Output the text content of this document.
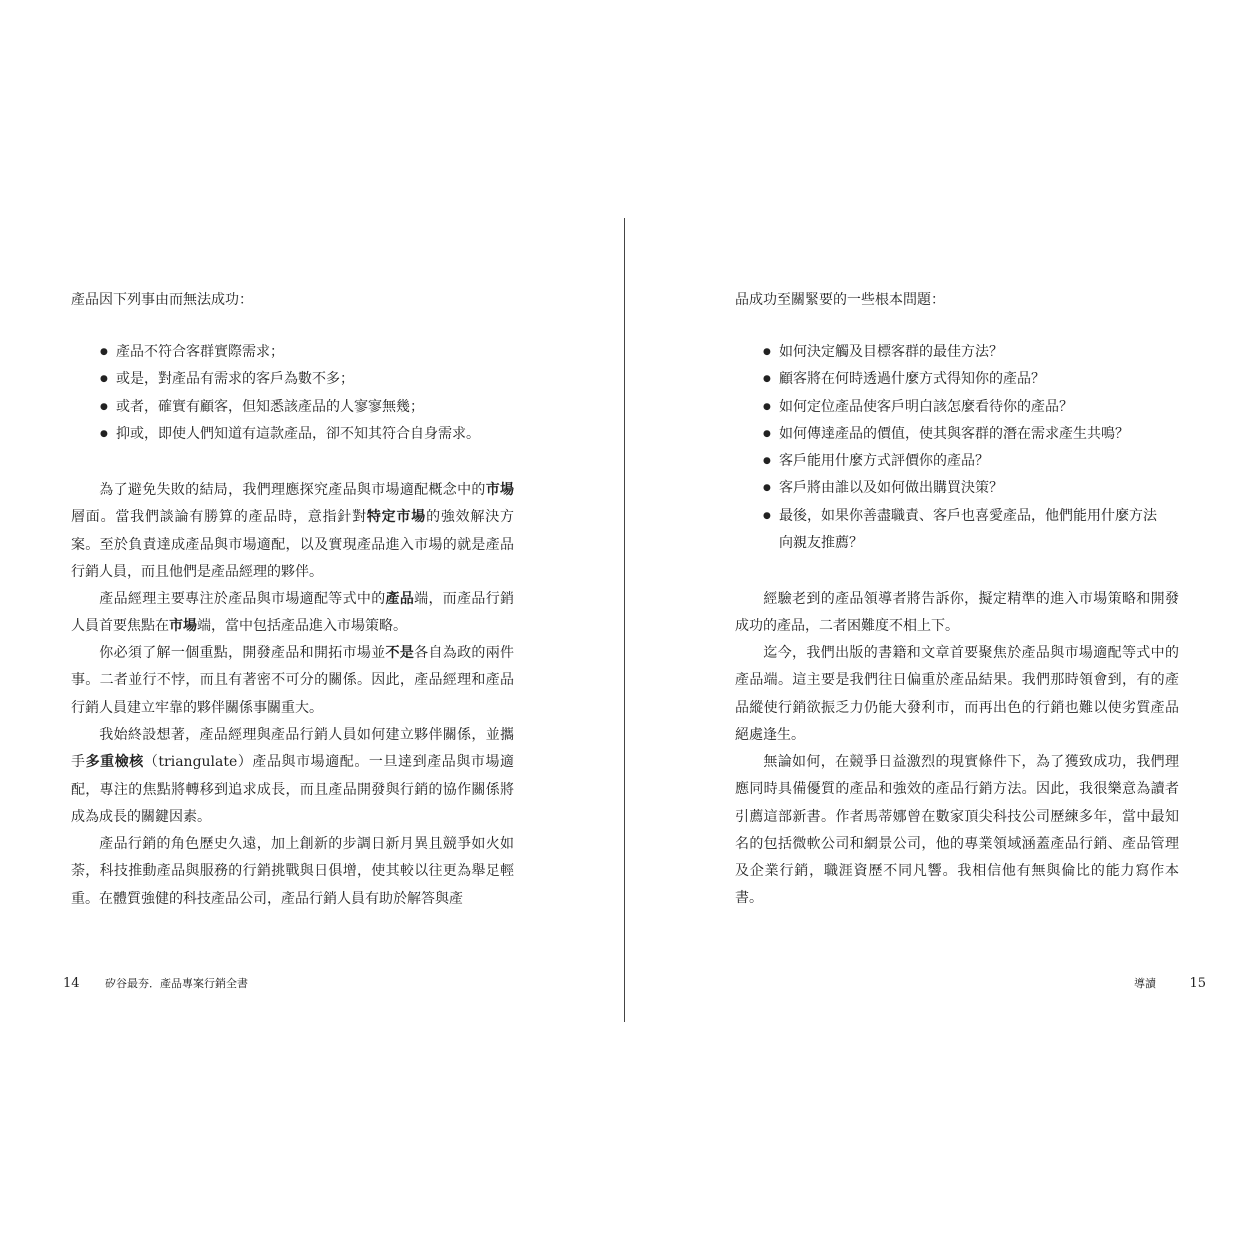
產品因下列事由而無法成功：
● 產品不符合客群實際需求；
● 或是，對產品有需求的客戶為數不多；
● 或者，確實有顧客，但知悉該產品的人寥寥無幾；
● 抑或，即使人們知道有這款產品，卻不知其符合自身需求。
為了避免失敗的結局，我們理應探究產品與市場適配概念中的市場層面。當我們談論有勝算的產品時，意指針對特定市場的強效解決方案。至於負責達成產品與市場適配，以及實現產品進入市場的就是產品行銷人員，而且他們是產品經理的夥伴。
產品經理主要專注於產品與市場適配等式中的產品端，而產品行銷人員首要焦點在市場端，當中包括產品進入市場策略。
你必須了解一個重點，開發產品和開拓市場並不是各自為政的兩件事。二者並行不悖，而且有著密不可分的關係。因此，產品經理和產品行銷人員建立牢靠的夥伴關係事關重大。
我始終設想著，產品經理與產品行銷人員如何建立夥伴關係，並攜手多重檢核（triangulate）產品與市場適配。一旦達到產品與市場適配，專注的焦點將轉移到追求成長，而且產品開發與行銷的協作關係將成為成長的關鍵因素。
產品行銷的角色歷史久遠，加上創新的步調日新月異且競爭如火如荼，科技推動產品與服務的行銷挑戰與日俱增，使其較以往更為舉足輕重。在體質強健的科技產品公司，產品行銷人員有助於解答與產
14 矽谷最夯．產品專案行銷全書
品成功至關緊要的一些根本問題：
● 如何決定觸及目標客群的最佳方法？
● 顧客將在何時透過什麼方式得知你的產品？
● 如何定位產品使客戶明白該怎麼看待你的產品？
● 如何傳達產品的價值，使其與客群的潛在需求產生共鳴？
● 客戶能用什麼方式評價你的產品？
● 客戶將由誰以及如何做出購買決策？
● 最後，如果你善盡職責、客戶也喜愛產品，他們能用什麼方法
向親友推薦？
經驗老到的產品領導者將告訴你，擬定精準的進入市場策略和開發成功的產品，二者困難度不相上下。
迄今，我們出版的書籍和文章首要聚焦於產品與市場適配等式中的產品端。這主要是我們往日偏重於產品結果。我們那時領會到，有的產品縱使行銷欲振乏力仍能大發利市，而再出色的行銷也難以使劣質產品絕處逢生。
無論如何，在競爭日益激烈的現實條件下，為了獲致成功，我們理應同時具備優質的產品和強效的產品行銷方法。因此，我很樂意為讀者引薦這部新書。作者馬蒂娜曾在數家頂尖科技公司歷練多年，當中最知名的包括微軟公司和網景公司，他的專業領域涵蓋產品行銷、產品管理及企業行銷，職涯資歷不同凡響。我相信他有無與倫比的能力寫作本書。
導讀	15
